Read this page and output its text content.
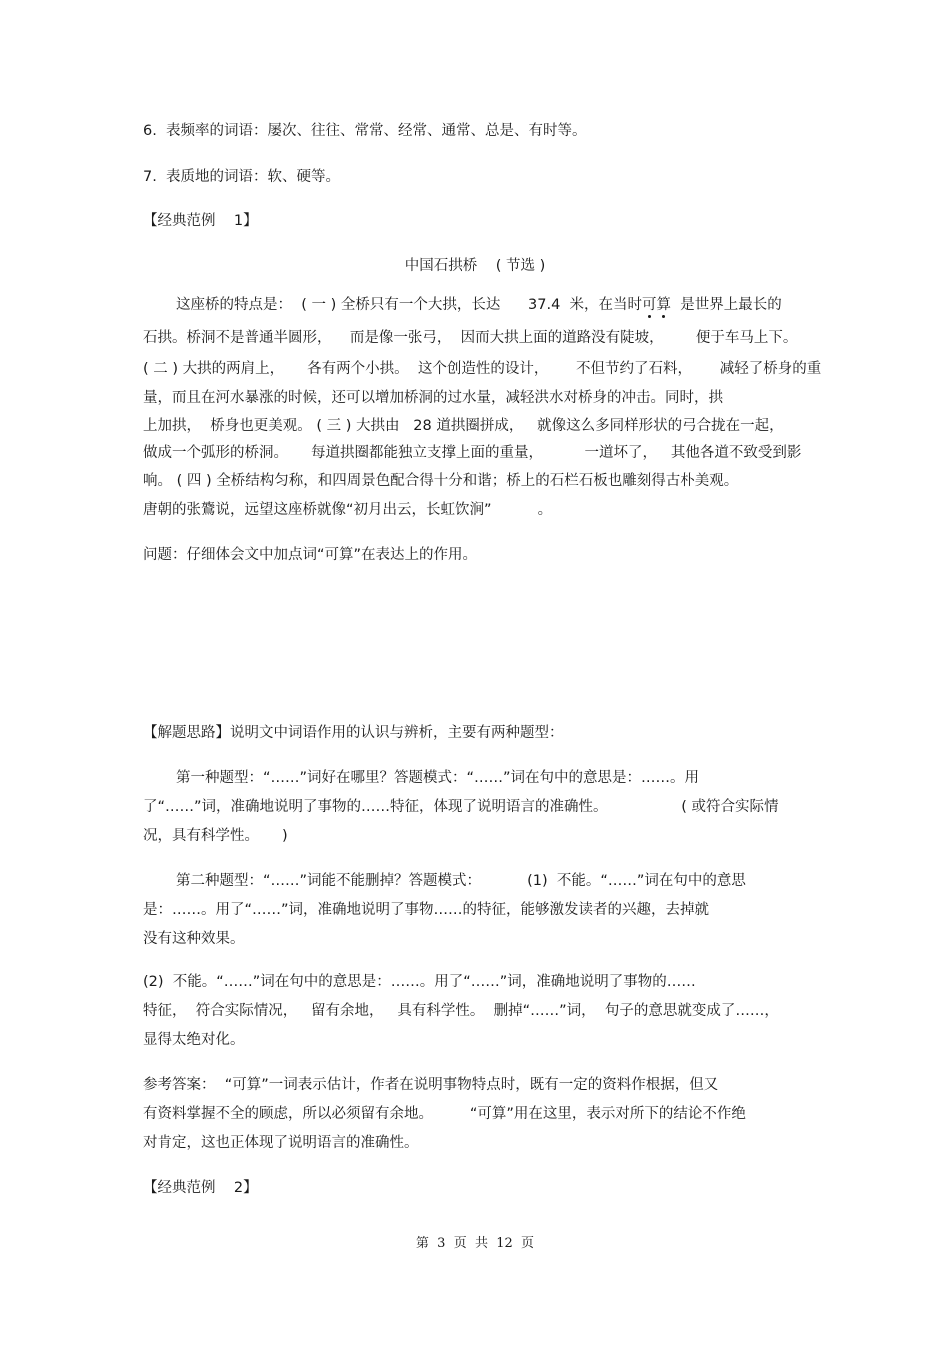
6.  表频率的词语：屡次、往往、常常、经常、通常、总是、有时等。
7.  表质地的词语：软、硬等。
【经典范例    1】
中国石拱桥    ( 节选 )
这座桥的特点是：  ( 一 ) 全桥只有一个大拱，长达      37.4  米，在当时可算  是世界上最长的
石拱。桥洞不是普通半圆形，    而是像一张弓，  因而大拱上面的道路没有陡坡，       便于车马上下。
( 二 ) 大拱的两肩上，     各有两个小拱。  这个创造性的设计，      不但节约了石料，      减轻了桥身的重
量，而且在河水暴涨的时候，还可以增加桥洞的过水量，减轻洪水对桥身的冲击。同时，拱
上加拱，  桥身也更美观。 ( 三 ) 大拱由   28 道拱圈拼成，   就像这么多同样形状的弓合拢在一起，
做成一个弧形的桥洞。     每道拱圈都能独立支撑上面的重量，         一道坏了，   其他各道不致受到影
响。 ( 四 ) 全桥结构匀称，和四周景色配合得十分和谐；桥上的石栏石板也雕刻得古朴美观。
唐朝的张鷟说，远望这座桥就像“初月出云，长虹饮涧”          。
问题：仔细体会文中加点词“可算”在表达上的作用。
【解题思路】说明文中词语作用的认识与辨析，主要有两种题型：
第一种题型：“……”词好在哪里？答题模式：“……”词在句中的意思是：……。用
了“……”词，准确地说明了事物的……特征，体现了说明语言的准确性。                ( 或符合实际情
况，具有科学性。     )
第二种题型：“……”词能不能删掉？答题模式：          (1)  不能。“……”词在句中的意思
是：……。用了“……”词，准确地说明了事物……的特征，能够激发读者的兴趣，去掉就
没有这种效果。
(2)  不能。“……”词在句中的意思是：……。用了“……”词，准确地说明了事物的……
特征，  符合实际情况，   留有余地，   具有科学性。  删掉“……”词，  句子的意思就变成了……，
显得太绝对化。
参考答案：  “可算”一词表示估计，作者在说明事物特点时，既有一定的资料作根据，但又
有资料掌握不全的顾虑，所以必须留有余地。        “可算”用在这里，表示对所下的结论不作绝
对肯定，这也正体现了说明语言的准确性。
【经典范例    2】
第  3  页  共  12  页
